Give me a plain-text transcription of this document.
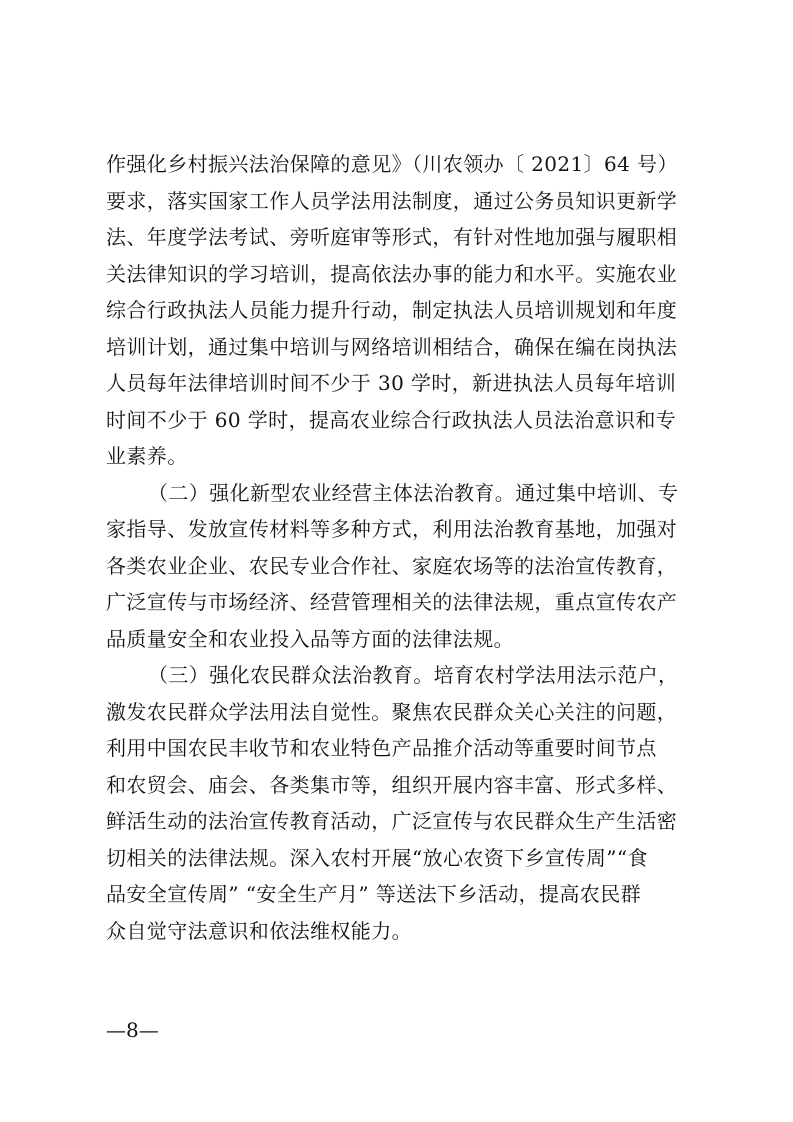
作强化乡村振兴法治保障的意见》（川农领办〔 2021〕64 号）
要求，落实国家工作人员学法用法制度，通过公务员知识更新学
法、年度学法考试、旁听庭审等形式，有针对性地加强与履职相
关法律知识的学习培训，提高依法办事的能力和水平。实施农业
综合行政执法人员能力提升行动，制定执法人员培训规划和年度
培训计划，通过集中培训与网络培训相结合，确保在编在岗执法
人员每年法律培训时间不少于 30 学时，新进执法人员每年培训
时间不少于 60 学时，提高农业综合行政执法人员法治意识和专
业素养。
（二）强化新型农业经营主体法治教育。通过集中培训、专
家指导、发放宣传材料等多种方式，利用法治教育基地，加强对
各类农业企业、农民专业合作社、家庭农场等的法治宣传教育，
广泛宣传与市场经济、经营管理相关的法律法规，重点宣传农产
品质量安全和农业投入品等方面的法律法规。
（三）强化农民群众法治教育。培育农村学法用法示范户，
激发农民群众学法用法自觉性。聚焦农民群众关心关注的问题，
利用中国农民丰收节和农业特色产品推介活动等重要时间节点
和农贸会、庙会、各类集市等，组织开展内容丰富、形式多样、
鲜活生动的法治宣传教育活动，广泛宣传与农民群众生产生活密
切相关的法律法规。深入农村开展“放心农资下乡宣传周”“食
品安全宣传周” “安全生产月” 等送法下乡活动，提高农民群
众自觉守法意识和依法维权能力。
—8—
